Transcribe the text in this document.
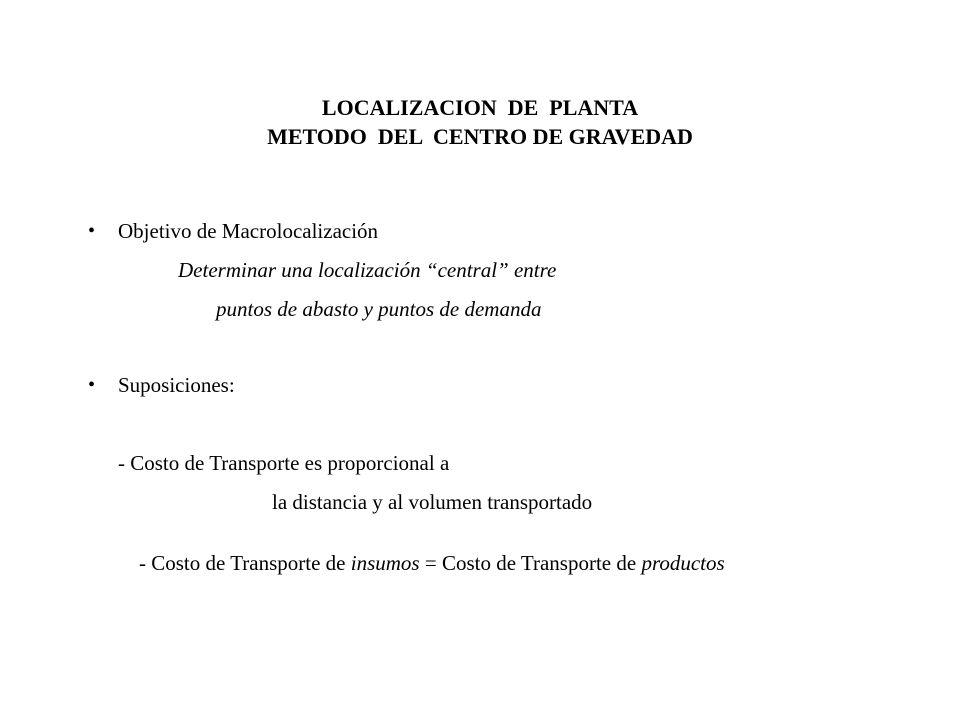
LOCALIZACION  DE  PLANTA
METODO  DEL  CENTRO DE GRAVEDAD
• Objetivo de Macrolocalización
Determinar una localización “central” entre
puntos de abasto y puntos de demanda
• Suposiciones:
- Costo de Transporte es proporcional a
la distancia y al volumen transportado

- Costo de Transporte de insumos = Costo de Transporte de productos
